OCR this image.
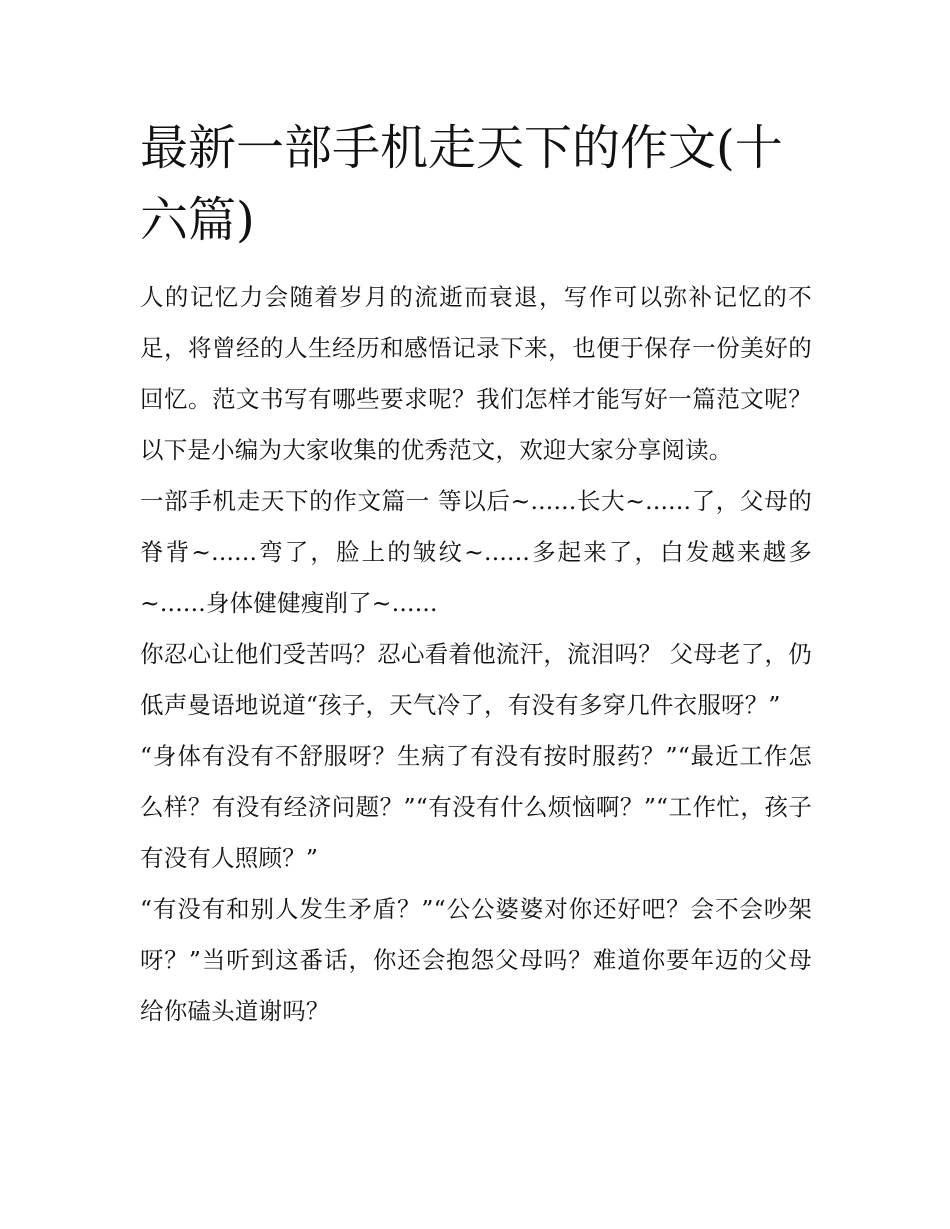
最新一部手机走天下的作文(十六篇)

人的记忆力会随着岁月的流逝而衰退，写作可以弥补记忆的不足，将曾经的人生经历和感悟记录下来，也便于保存一份美好的回忆。范文书写有哪些要求呢？我们怎样才能写好一篇范文呢？以下是小编为大家收集的优秀范文，欢迎大家分享阅读。

一部手机走天下的作文篇一 等以后~......长大~......了，父母的脊背~......弯了，脸上的皱纹~......多起来了，白发越来越多~......身体健健瘦削了~......

你忍心让他们受苦吗？忍心看着他流汗，流泪吗？ 父母老了，仍低声曼语地说道“孩子，天气冷了，有没有多穿几件衣服呀？”

“身体有没有不舒服呀？生病了有没有按时服药？”“最近工作怎么样？有没有经济问题？”“有没有什么烦恼啊？”“工作忙，孩子有没有人照顾？”

“有没有和别人发生矛盾？”“公公婆婆对你还好吧？会不会吵架呀？”当听到这番话，你还会抱怨父母吗？难道你要年迈的父母给你磕头道谢吗？
